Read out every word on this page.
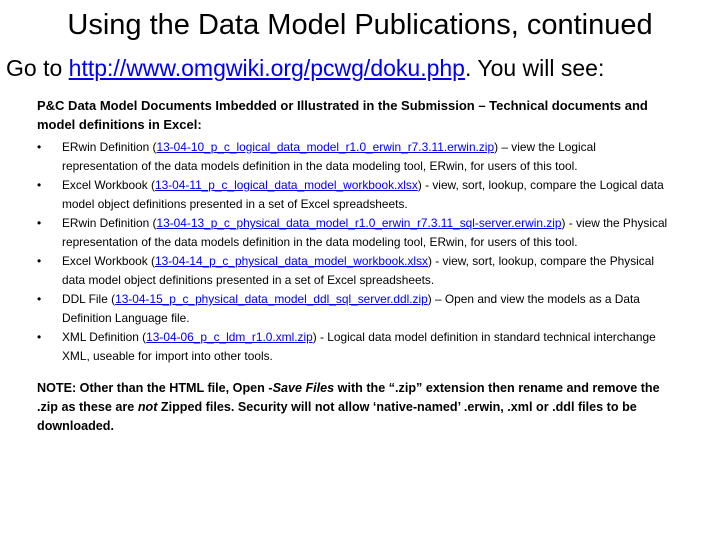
Using the Data Model Publications, continued
Go to http://www.omgwiki.org/pcwg/doku.php. You will see:
P&C Data Model Documents Imbedded or Illustrated in the Submission – Technical documents and model definitions in Excel:
•	ERwin Definition (13-04-10_p_c_logical_data_model_r1.0_erwin_r7.3.11.erwin.zip) – view the Logical representation of the data models definition in the data modeling tool, ERwin, for users of this tool.
•	Excel Workbook (13-04-11_p_c_logical_data_model_workbook.xlsx) - view, sort, lookup, compare the Logical data model object definitions presented in a set of Excel spreadsheets.
•	ERwin Definition (13-04-13_p_c_physical_data_model_r1.0_erwin_r7.3.11_sql-server.erwin.zip) - view the Physical representation of the data models definition in the data modeling tool, ERwin, for users of this tool.
•	Excel Workbook (13-04-14_p_c_physical_data_model_workbook.xlsx) - view, sort, lookup, compare the Physical data model object definitions presented in a set of Excel spreadsheets.
•	DDL File (13-04-15_p_c_physical_data_model_ddl_sql_server.ddl.zip) – Open and view the models as a Data Definition Language file.
•	XML Definition (13-04-06_p_c_ldm_r1.0.xml.zip) - Logical data model definition in standard technical interchange XML, useable for import into other tools.
NOTE: Other than the HTML file, Open -Save Files with the “.zip” extension then rename and remove the .zip as these are not Zipped files. Security will not allow ‘native-named’ .erwin, .xml or .ddl files to be downloaded.
